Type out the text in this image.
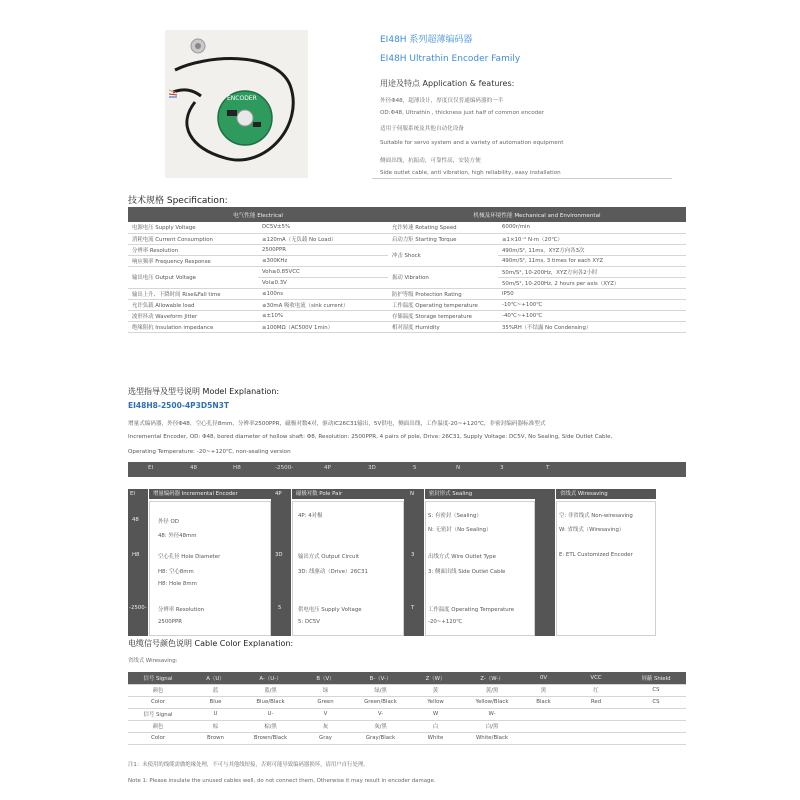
ENCODER
EI48H 系列超薄编码器
EI48H Ultrathin Encoder Family
用途及特点 Application & features:
外径Φ48，超薄设计，厚度仅仅普通编码器的一半
OD:Φ48, Ultrathin , thickness just half of common encoder
适用于伺服系统及其他自动化设备
Suitable for servo system and a variety of automation equipment
侧面出线，抗振动，可靠性高，安装方便
Side outlet cable, anti vibration, high reliability, easy installation
技术规格 Specification:
电气性能 Electrical		机械及环境性能 Mechanical and Environmental	
电源电压 Supply Voltage	DC5V±5%	允许转速 Rotating Speed	6000r/min
消耗电流 Current Consumption	≤120mA（无负载 No Load）	启动力矩 Starting Torque	≤1×10⁻² N·m（20℃）
分辨率 Resolution	2500PPR	冲击 Shock	490m/S², 11ms，XYZ方向各3次
响应频率 Frequency Response	≤300KHz		490m/S², 11ms, 3 times for each XYZ
输出电压 Output Voltage	Voh≥0.85VCC	振动 Vibration	50m/S², 10-200Hz，XYZ方向各2小时
	Vol≤0.3V		50m/S², 10-200Hz, 2 hours per axis（XYZ）
输出上升、下降时间 Rise&Fall time	≤100ns	防护等级 Protection Rating	IP50
允许负载 Allowable load	≤30mA 吸收电流（sink current）	工作温度 Operating temperature	-10℃~+100℃
波形抖动 Waveform Jitter	≤±10%	存储温度 Storage temperature	-40℃~+100℃
绝缘阻抗 Insulation impedance	≥100MΩ（AC500V 1min）	相对湿度 Humidity	35%RH（不结露 No Condensing）
选型指导及型号说明 Model Explanation:
EI48H8-2500-4P3D5N3T
增量式编码器，外径Φ48，空心孔径8mm，分辨率2500PPR，磁极对数4对，驱动IC26C31输出，5V供电，侧面出线，工作温度-20~+120℃，非密封编码器标准型式
Incremental Encoder, OD: Φ48, bored diameter of hollow shaft: Φ8, Resolution: 2500PPR, 4 pairs of pole, Drive: 26C31, Supply Voltage: DC5V, No Sealing, Side Outlet Cable,
Operating Temperature: -20~+120℃, non-sealing version
EI	48	H8	-2500-	4P	3D	5	N	3	T
EI	增量编码器 Incremental Encoder
48	外径 OD
48: 外径48mm
H8	空心孔径 Hole Diameter
H8: 空心8mm
H8: Hole 8mm
-2500- 分辨率 Resolution
2500PPR
4P	磁极对数 Pole Pair
4P: 4对极
3D	输出方式 Output Circuit
3D: 线驱动（Drive）26C31
5	供电电压 Supply Voltage
5: DC5V
N	密封形式 Sealing
S: 有密封（Sealing）
N: 无密封（No Sealing）
3	出线方式 Wire Outlet Type
3: 侧面出线 Side Outlet Cable
T	工作温度 Operating Temperature
-20~+120℃
省线式 Wiresaving
空: 非省线式 Non-wiresaving
W: 省线式（Wiresaving）
E: ETL Customized Encoder
电缆信号颜色说明 Cable Color Explanation:
省线式 Wiresaving:
信号 Signal	A（U）	A-（U-）	B（V）	B-（V-）	Z（W）	Z-（W-）	0V	VCC	屏蔽 Shield
颜色	蓝	蓝/黑	绿	绿/黑	黄	黄/黑	黑	红	CS
Color	Blue	Blue/Black	Green	Green/Black	Yellow	Yellow/Black	Black	Red	CS
信号 Signal	U	U-	V	V-	W	W-			
颜色	棕	棕/黑	灰	灰/黑	白	白/黑			
Color	Brown	Brown/Black	Gray	Gray/Black	White	White/Black			
注1：未使用的线缆需做绝缘处理，不可与其他线短接，否则可能导致编码器损坏，请用户自行处理。
Note 1: Please insulate the unused cables well, do not connect them, Otherwise it may result in encoder damage.
